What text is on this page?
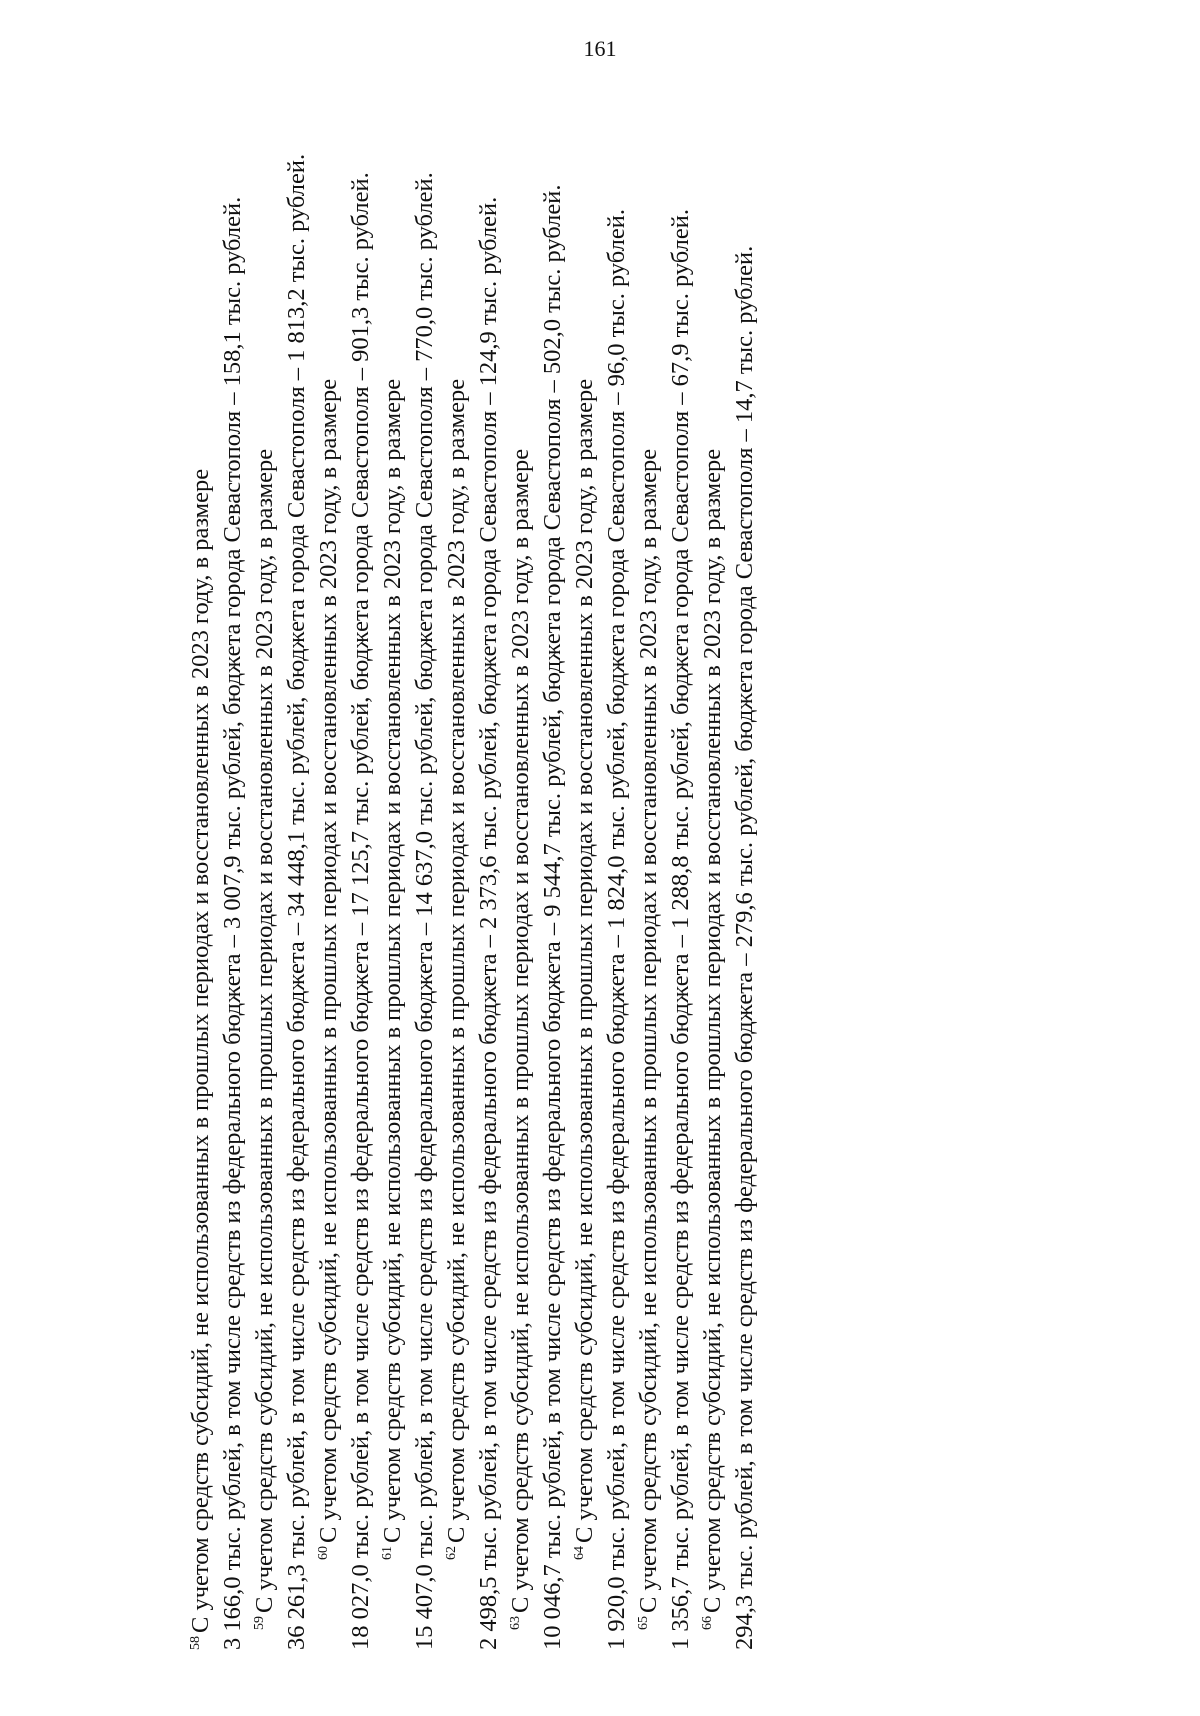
161
$^{58}$С учетом средств субсидий, не использованных в прошлых периодах и восстановленных в 2023 году, в размере 3 166,0 тыс. рублей, в том числе средств из федерального бюджета – 3 007,9 тыс. рублей, бюджета города Севастополя – 158,1 тыс. рублей. $^{59}$С учетом средств субсидий, не использованных в прошлых периодах и восстановленных в 2023 году, в размере 36 261,3 тыс. рублей, в том числе средств из федерального бюджета – 34 448,1 тыс. рублей, бюджета города Севастополя – 1 813,2 тыс. рублей. $^{60}$С учетом средств субсидий, не использованных в прошлых периодах и восстановленных в 2023 году, в размере 18 027,0 тыс. рублей, в том числе средств из федерального бюджета – 17 125,7 тыс. рублей, бюджета города Севастополя – 901,3 тыс. рублей. $^{61}$С учетом средств субсидий, не использованных в прошлых периодах и восстановленных в 2023 году, в размере 15 407,0 тыс. рублей, в том числе средств из федерального бюджета – 14 637,0 тыс. рублей, бюджета города Севастополя – 770,0 тыс. рублей. $^{62}$С учетом средств субсидий, не использованных в прошлых периодах и восстановленных в 2023 году, в размере 2 498,5 тыс. рублей, в том числе средств из федерального бюджета – 2 373,6 тыс. рублей, бюджета города Севастополя – 124,9 тыс. рублей. $^{63}$С учетом средств субсидий, не использованных в прошлых периодах и восстановленных в 2023 году, в размере 10 046,7 тыс. рублей, в том числе средств из федерального бюджета – 9 544,7 тыс. рублей, бюджета города Севастополя – 502,0 тыс. рублей. $^{64}$С учетом средств субсидий, не использованных в прошлых периодах и восстановленных в 2023 году, в размере 1 920,0 тыс. рублей, в том числе средств из федерального бюджета – 1 824,0 тыс. рублей, бюджета города Севастополя – 96,0 тыс. рублей. $^{65}$С учетом средств субсидий, не использованных в прошлых периодах и восстановленных в 2023 году, в размере 1 356,7 тыс. рублей, в том числе средств из федерального бюджета – 1 288,8 тыс. рублей, бюджета города Севастополя – 67,9 тыс. рублей. $^{66}$С учетом средств субсидий, не использованных в прошлых периодах и восстановленных в 2023 году, в размере 294,3 тыс. рублей, в том числе средств из федерального бюджета – 279,6 тыс. рублей, бюджета города Севастополя – 14,7 тыс. рублей.
